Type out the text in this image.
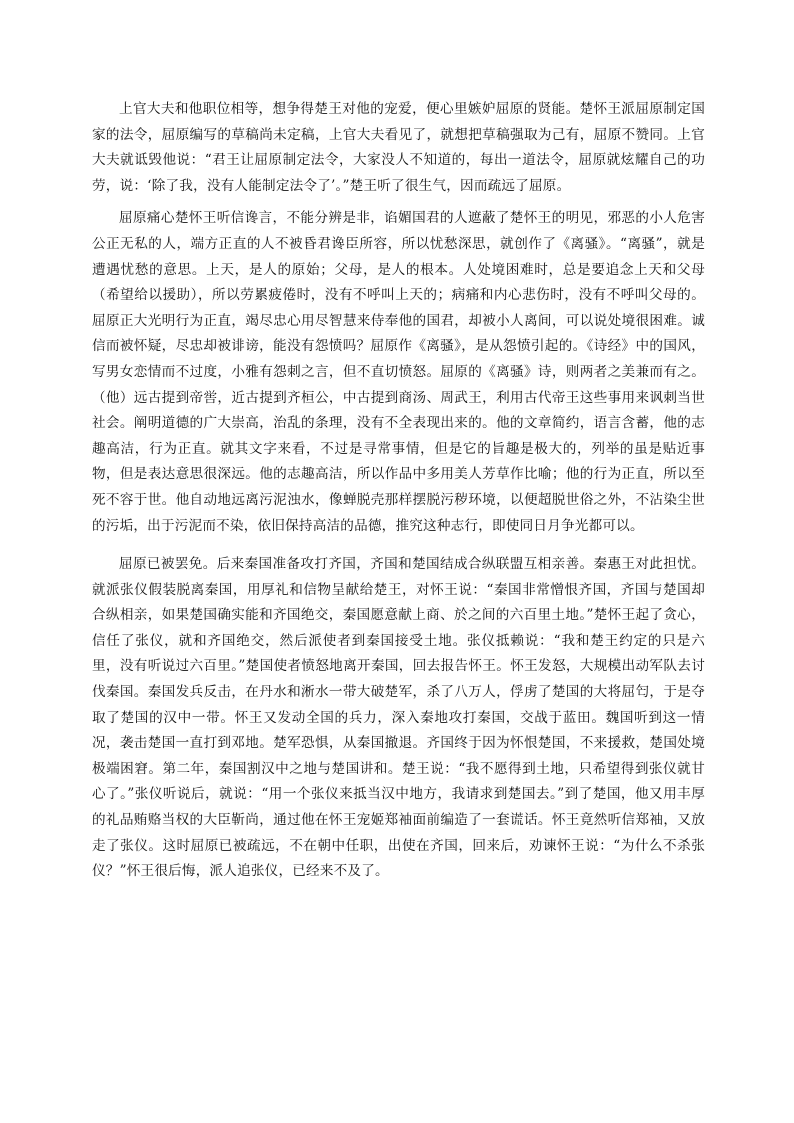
上官大夫和他职位相等，想争得楚王对他的宠爱，便心里嫉妒屈原的贤能。楚怀王派屈原制定国家的法令，屈原编写的草稿尚未定稿，上官大夫看见了，就想把草稿强取为己有，屈原不赞同。上官大夫就诋毁他说：“君王让屈原制定法令，大家没人不知道的，每出一道法令，屈原就炫耀自己的功劳，说：‘除了我，没有人能制定法令了’。”楚王听了很生气，因而疏远了屈原。

屈原痛心楚怀王听信谗言，不能分辨是非，谄媚国君的人遮蔽了楚怀王的明见，邪恶的小人危害公正无私的人，端方正直的人不被昏君谗臣所容，所以忧愁深思，就创作了《离骚》。“离骚”，就是遭遇忧愁的意思。上天，是人的原始；父母，是人的根本。人处境困难时，总是要追念上天和父母（希望给以援助），所以劳累疲倦时，没有不呼叫上天的；病痛和内心悲伤时，没有不呼叫父母的。屈原正大光明行为正直，竭尽忠心用尽智慧来侍奉他的国君，却被小人离间，可以说处境很困难。诚信而被怀疑，尽忠却被诽谤，能没有怨愤吗？屈原作《离骚》，是从怨愤引起的。《诗经》中的国风，写男女恋情而不过度，小雅有怨刺之言，但不直切愤怒。屈原的《离骚》诗，则两者之美兼而有之。（他）远古提到帝喾，近古提到齐桓公，中古提到商汤、周武王，利用古代帝王这些事用来讽刺当世社会。阐明道德的广大崇高，治乱的条理，没有不全表现出来的。他的文章简约，语言含蓄，他的志趣高洁，行为正直。就其文字来看，不过是寻常事情，但是它的旨趣是极大的，列举的虽是贴近事物，但是表达意思很深远。他的志趣高洁，所以作品中多用美人芳草作比喻；他的行为正直，所以至死不容于世。他自动地远离污泥浊水，像蝉脱壳那样摆脱污秽环境，以便超脱世俗之外，不沾染尘世的污垢，出于污泥而不染，依旧保持高洁的品德，推究这种志行，即使同日月争光都可以。

屈原已被罢免。后来秦国准备攻打齐国，齐国和楚国结成合纵联盟互相亲善。秦惠王对此担忧。就派张仪假装脱离秦国，用厚礼和信物呈献给楚王，对怀王说：“秦国非常憎恨齐国，齐国与楚国却合纵相亲，如果楚国确实能和齐国绝交，秦国愿意献上商、於之间的六百里土地。”楚怀王起了贪心，信任了张仪，就和齐国绝交，然后派使者到秦国接受土地。张仪抵赖说：“我和楚王约定的只是六里，没有听说过六百里。”楚国使者愤怒地离开秦国，回去报告怀王。怀王发怒，大规模出动军队去讨伐秦国。秦国发兵反击，在丹水和淅水一带大破楚军，杀了八万人，俘虏了楚国的大将屈匄，于是夺取了楚国的汉中一带。怀王又发动全国的兵力，深入秦地攻打秦国，交战于蓝田。魏国听到这一情况，袭击楚国一直打到邓地。楚军恐惧，从秦国撤退。齐国终于因为怀恨楚国，不来援救，楚国处境极端困窘。第二年，秦国割汉中之地与楚国讲和。楚王说：“我不愿得到土地，只希望得到张仪就甘心了。”张仪听说后，就说：“用一个张仪来抵当汉中地方，我请求到楚国去。”到了楚国，他又用丰厚的礼品贿赂当权的大臣靳尚，通过他在怀王宠姬郑袖面前编造了一套谎话。怀王竟然听信郑袖，又放走了张仪。这时屈原已被疏远，不在朝中任职，出使在齐国，回来后，劝谏怀王说：“为什么不杀张仪？”怀王很后悔，派人追张仪，已经来不及了。
